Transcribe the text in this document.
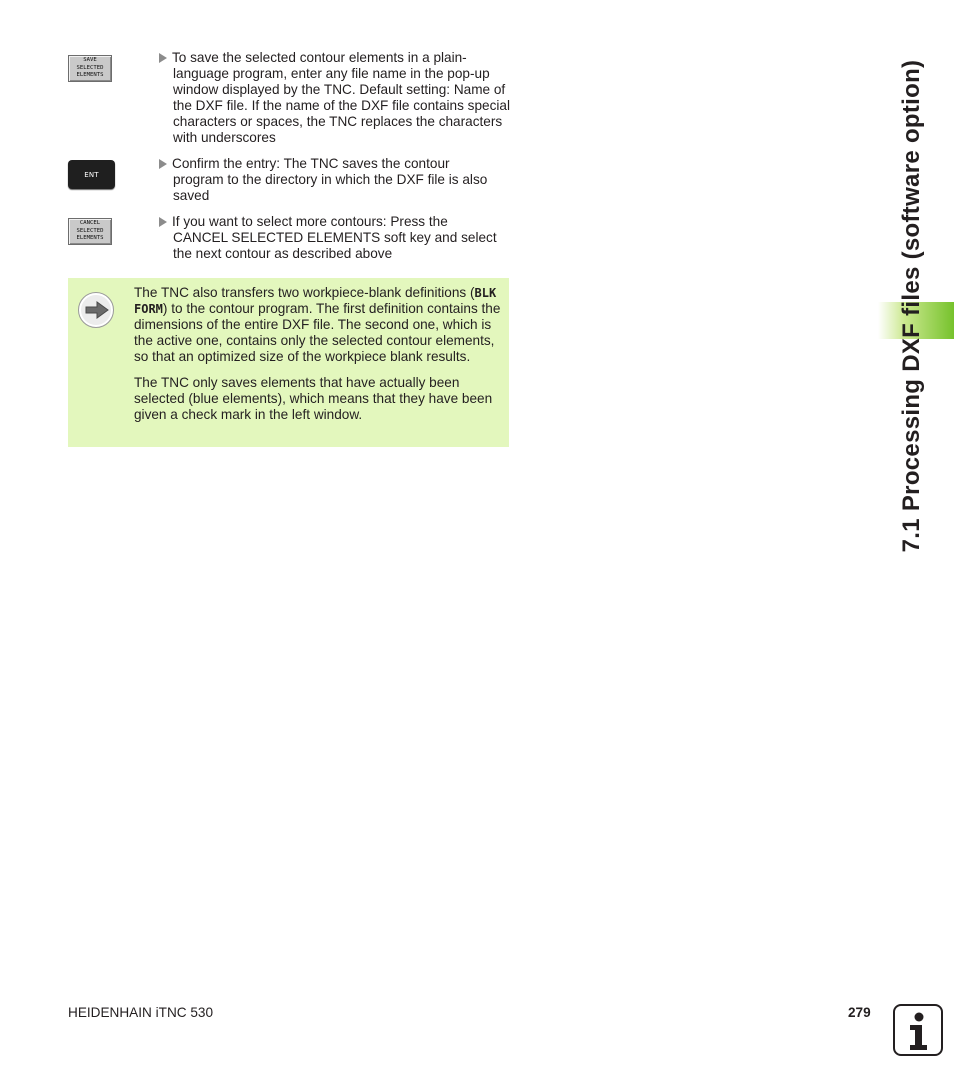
SAVE
SELECTED
ELEMENTS
To save the selected contour elements in a plain-
language program, enter any file name in the pop-up window displayed by the TNC. Default setting: Name of the DXF file. If the name of the DXF file contains special characters or spaces, the TNC replaces the characters with underscores
ENT
Confirm the entry: The TNC saves the contour
program to the directory in which the DXF file is also saved
CANCEL
SELECTED
ELEMENTS
If you want to select more contours: Press the
CANCEL SELECTED ELEMENTS soft key and select the next contour as described above

The TNC also transfers two workpiece-blank definitions (BLK FORM) to the contour program. The first definition contains the dimensions of the entire DXF file. The second one, which is the active one, contains only the selected contour elements, so that an optimized size of the workpiece blank results.

The TNC only saves elements that have actually been selected (blue elements), which means that they have been given a check mark in the left window.	7.1 Processing DXF files (software option)
HEIDENHAIN iTNC 530	279
